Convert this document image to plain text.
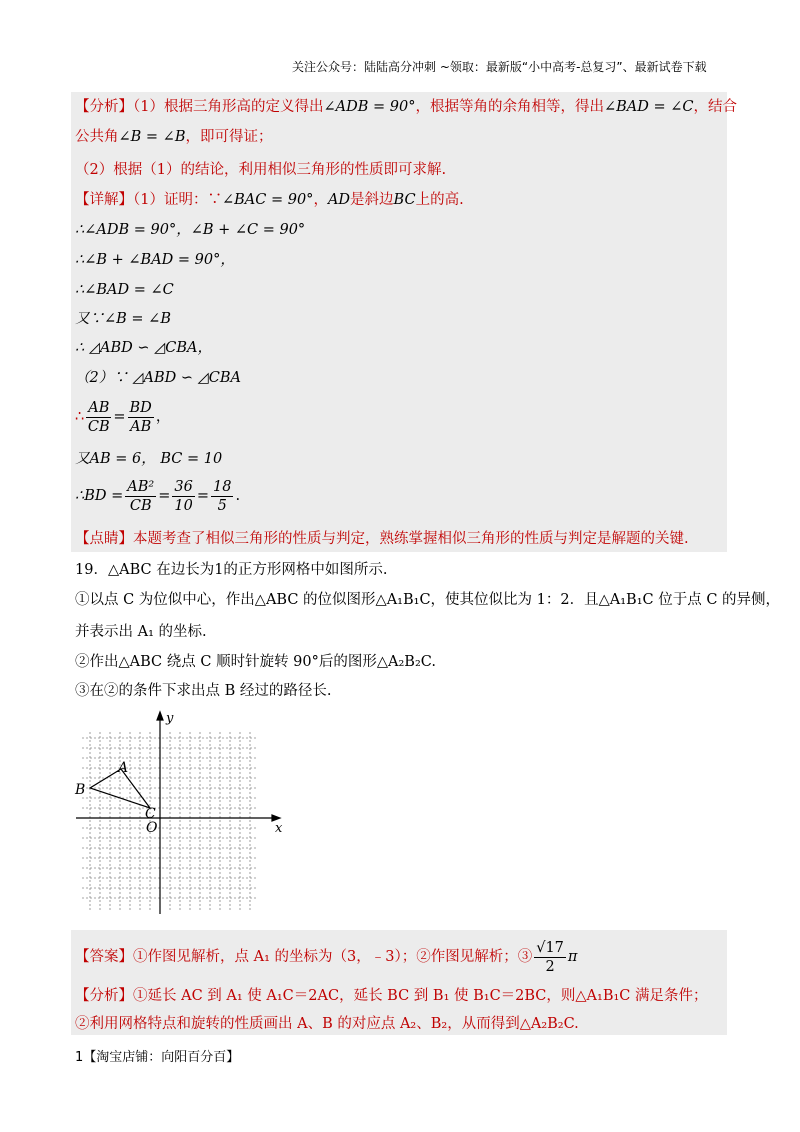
关注公众号：陆陆高分冲刺 ~领取：最新版“小中高考-总复习”、最新试卷下载
【分析】（1）根据三角形高的定义得出∠ADB = 90°，根据等角的余角相等，得出∠BAD = ∠C，结合
公共角∠B = ∠B，即可得证；
（2）根据（1）的结论，利用相似三角形的性质即可求解.
【详解】（1）证明：∵∠BAC = 90°，AD是斜边BC上的高.
∴∠ADB = 90°，∠B + ∠C = 90°
∴∠B + ∠BAD = 90°，
∴∠BAD = ∠C
又∵∠B = ∠B
∴ ◿ABD ∽ ◿CBA，
（2）∵ ◿ABD ∽ ◿CBA
∴ $\frac{AB}{CB} = \frac{BD}{AB}$ ，
又AB = 6， BC = 10
∴BD = $\frac{\text{AB²}}{CB} = \frac{36}{10} = \frac{18}{5}$ .
【点睛】本题考查了相似三角形的性质与判定，熟练掌握相似三角形的性质与判定是解题的关键.
19．△ABC 在边长为1的正方形网格中如图所示.
①以点 C 为位似中心，作出△ABC 的位似图形△A₁B₁C，使其位似比为 1：2．且△A₁B₁C 位于点 C 的异侧，
并表示出 A₁ 的坐标.
②作出△ABC 绕点 C 顺时针旋转 90°后的图形△A₂B₂C.
③在②的条件下求出点 B 经过的路径长.
y
x
A
B
C
O
【答案】①作图见解析，点 A₁ 的坐标为（3，﹣3）；②作图见解析；③ $\frac{√17}{2}$ π
【分析】①延长 AC 到 A₁ 使 A₁C＝2AC，延长 BC 到 B₁ 使 B₁C＝2BC，则△A₁B₁C 满足条件；
②利用网格特点和旋转的性质画出 A、B 的对应点 A₂、B₂，从而得到△A₂B₂C.
1【淘宝店铺：向阳百分百】
